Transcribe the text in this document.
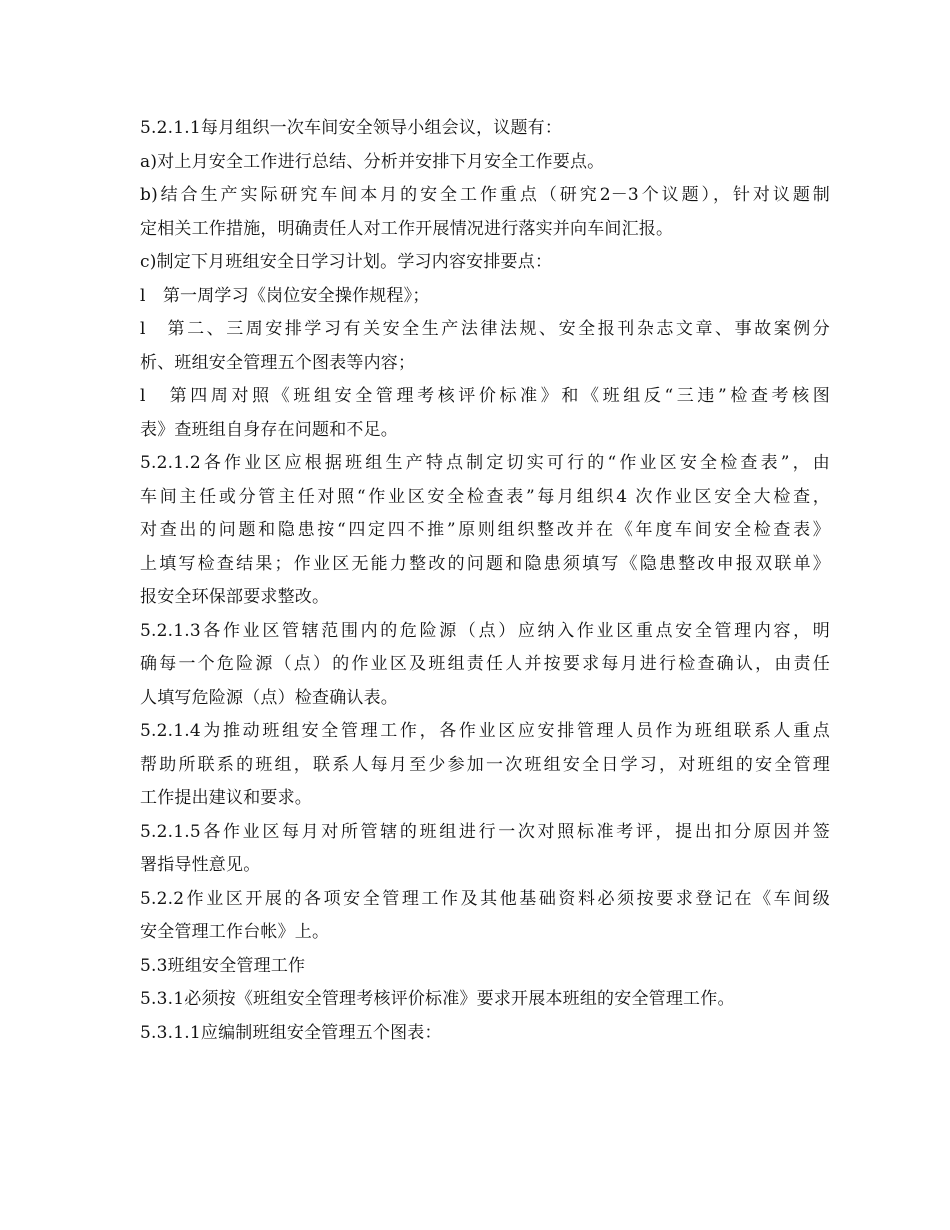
5.2.1.1每月组织一次车间安全领导小组会议，议题有：
a)对上月安全工作进行总结、分析并安排下月安全工作要点。
b)结合生产实际研究车间本月的安全工作重点（研究2－3个议题），针对议题制
定相关工作措施，明确责任人对工作开展情况进行落实并向车间汇报。
c)制定下月班组安全日学习计划。学习内容安排要点：
l　第一周学习《岗位安全操作规程》；
l　第二、三周安排学习有关安全生产法律法规、安全报刊杂志文章、事故案例分
析、班组安全管理五个图表等内容；
l　第四周对照《班组安全管理考核评价标准》和《班组反“三违”检查考核图
表》查班组自身存在问题和不足。
5.2.1.2各作业区应根据班组生产特点制定切实可行的“作业区安全检查表”，由
车间主任或分管主任对照“作业区安全检查表”每月组织4 次作业区安全大检查，
对查出的问题和隐患按“四定四不推”原则组织整改并在《年度车间安全检查表》
上填写检查结果；作业区无能力整改的问题和隐患须填写《隐患整改申报双联单》
报安全环保部要求整改。
5.2.1.3各作业区管辖范围内的危险源（点）应纳入作业区重点安全管理内容，明
确每一个危险源（点）的作业区及班组责任人并按要求每月进行检查确认，由责任
人填写危险源（点）检查确认表。
5.2.1.4为推动班组安全管理工作，各作业区应安排管理人员作为班组联系人重点
帮助所联系的班组，联系人每月至少参加一次班组安全日学习，对班组的安全管理
工作提出建议和要求。
5.2.1.5各作业区每月对所管辖的班组进行一次对照标准考评，提出扣分原因并签
署指导性意见。
5.2.2作业区开展的各项安全管理工作及其他基础资料必须按要求登记在《车间级
安全管理工作台帐》上。
5.3班组安全管理工作
5.3.1必须按《班组安全管理考核评价标准》要求开展本班组的安全管理工作。
5.3.1.1应编制班组安全管理五个图表：
